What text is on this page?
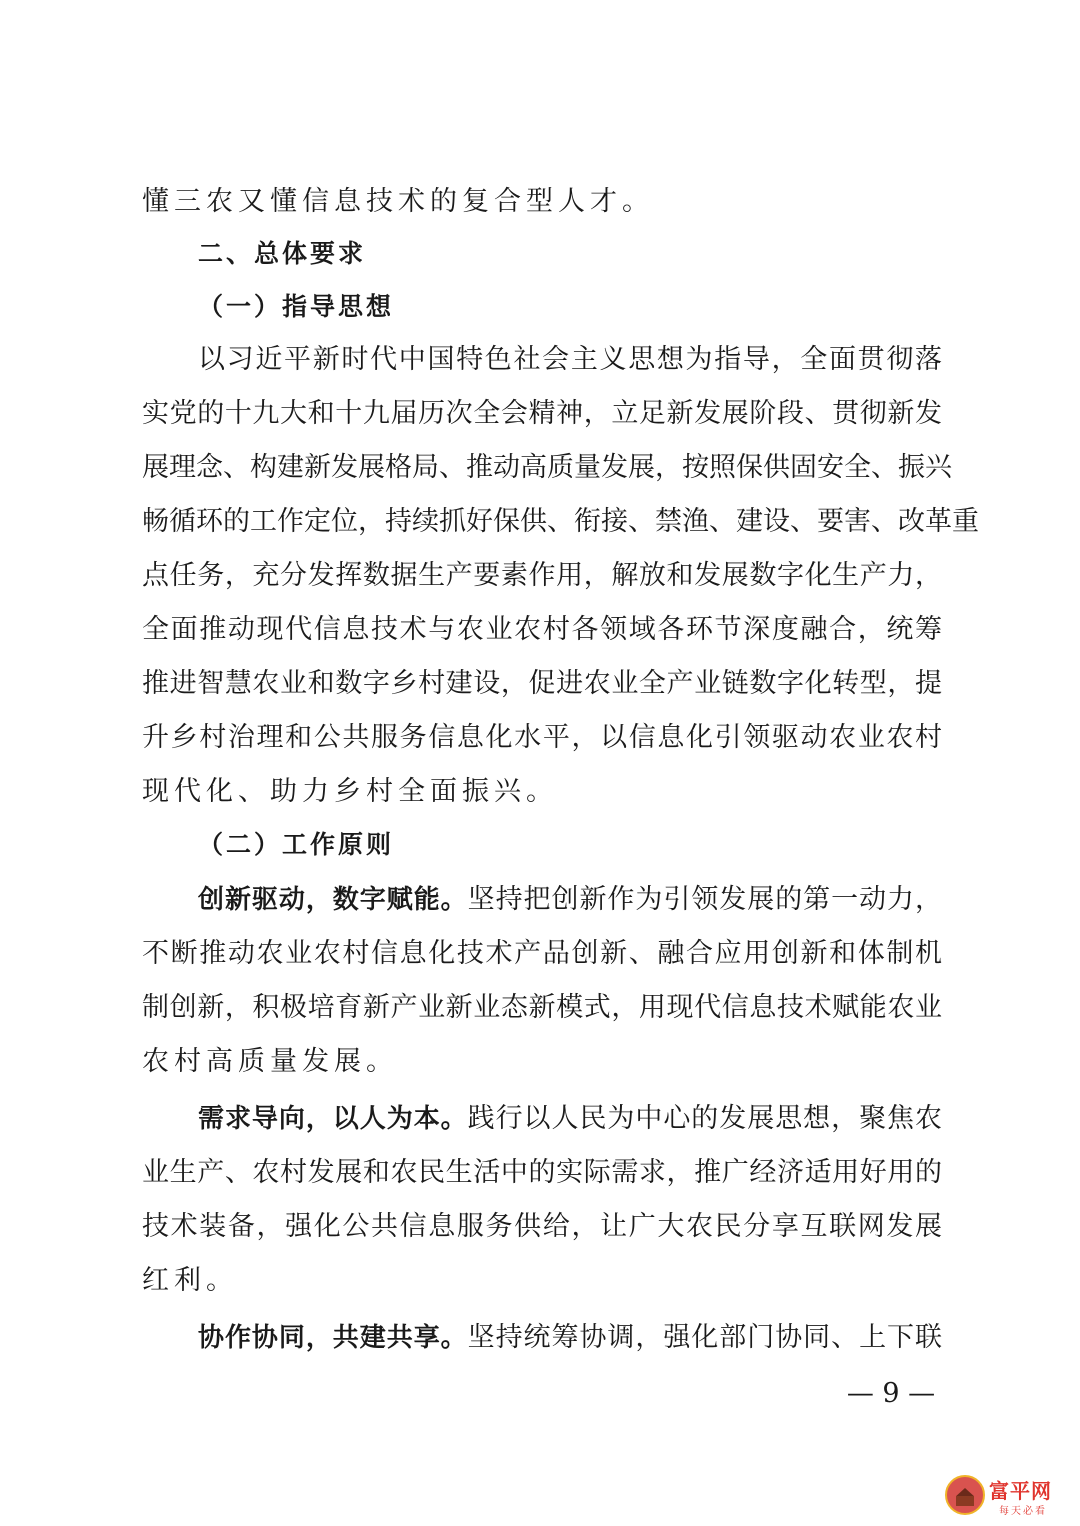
懂三农又懂信息技术的复合型人才。
二、总体要求
（一）指导思想
以习近平新时代中国特色社会主义思想为指导，全面贯彻落
实党的十九大和十九届历次全会精神，立足新发展阶段、贯彻新发
展理念、构建新发展格局、推动高质量发展，按照保供固安全、振兴
畅循环的工作定位，持续抓好保供、衔接、禁渔、建设、要害、改革重
点任务，充分发挥数据生产要素作用，解放和发展数字化生产力，
全面推动现代信息技术与农业农村各领域各环节深度融合，统筹
推进智慧农业和数字乡村建设，促进农业全产业链数字化转型，提
升乡村治理和公共服务信息化水平，以信息化引领驱动农业农村
现代化、助力乡村全面振兴。
（二）工作原则
创新驱动，数字赋能。坚持把创新作为引领发展的第一动力，
不断推动农业农村信息化技术产品创新、融合应用创新和体制机
制创新，积极培育新产业新业态新模式，用现代信息技术赋能农业
农村高质量发展。
需求导向，以人为本。践行以人民为中心的发展思想，聚焦农
业生产、农村发展和农民生活中的实际需求，推广经济适用好用的
技术装备，强化公共信息服务供给，让广大农民分享互联网发展
红利。
协作协同，共建共享。坚持统筹协调，强化部门协同、上下联
— 9 —
富平网
每天必看
